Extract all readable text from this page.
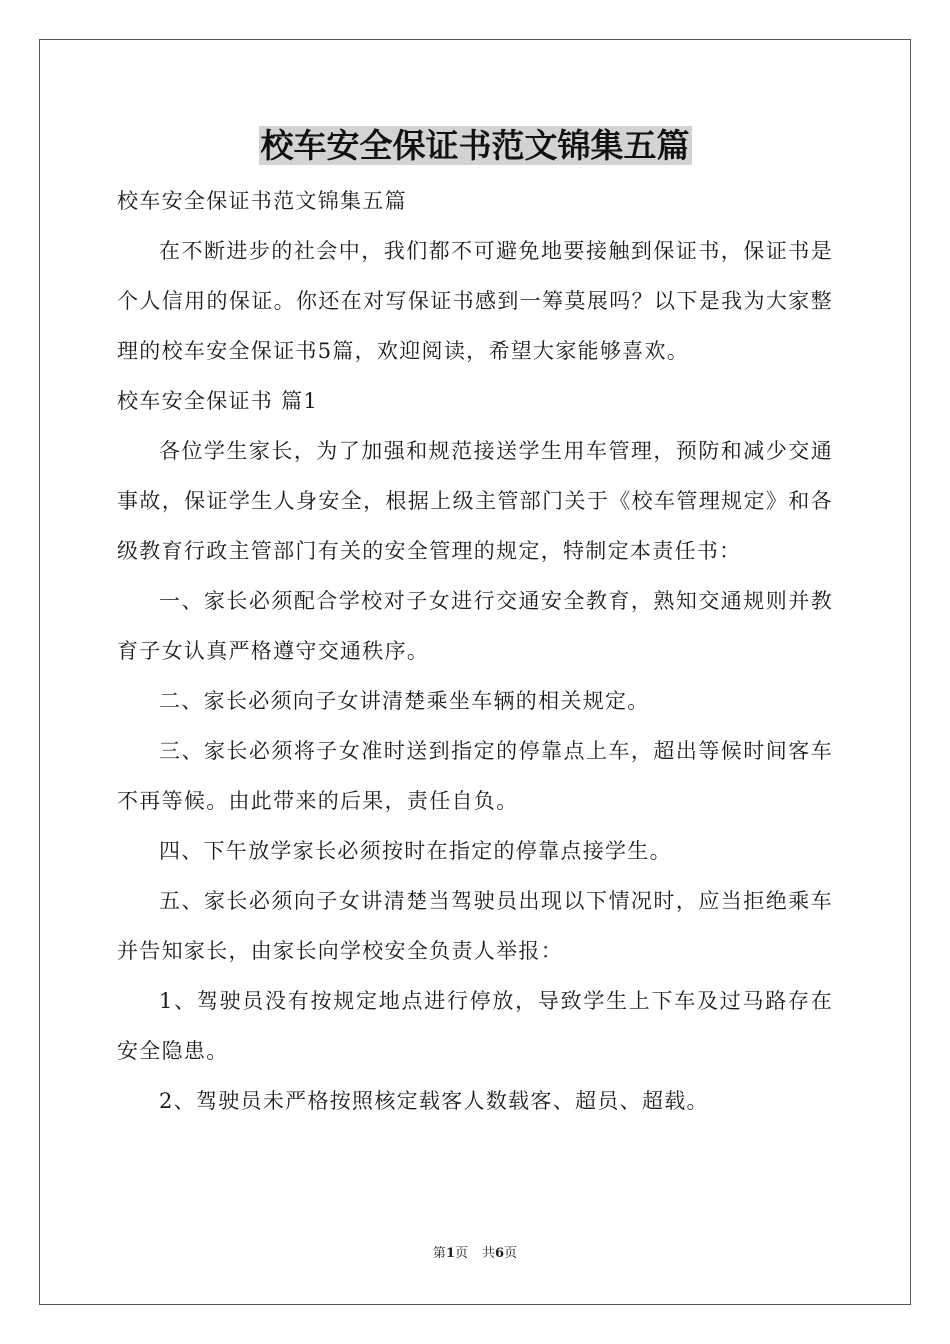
校车安全保证书范文锦集五篇

校车安全保证书范文锦集五篇

在不断进步的社会中，我们都不可避免地要接触到保证书，保证书是个人信用的保证。你还在对写保证书感到一筹莫展吗？以下是我为大家整理的校车安全保证书5篇，欢迎阅读，希望大家能够喜欢。

校车安全保证书 篇1

各位学生家长，为了加强和规范接送学生用车管理，预防和减少交通事故，保证学生人身安全，根据上级主管部门关于《校车管理规定》和各级教育行政主管部门有关的安全管理的规定，特制定本责任书：

一、家长必须配合学校对子女进行交通安全教育，熟知交通规则并教育子女认真严格遵守交通秩序。

二、家长必须向子女讲清楚乘坐车辆的相关规定。

三、家长必须将子女准时送到指定的停靠点上车，超出等候时间客车不再等候。由此带来的后果，责任自负。

四、下午放学家长必须按时在指定的停靠点接学生。

五、家长必须向子女讲清楚当驾驶员出现以下情况时，应当拒绝乘车并告知家长，由家长向学校安全负责人举报：

1、驾驶员没有按规定地点进行停放，导致学生上下车及过马路存在安全隐患。

2、驾驶员未严格按照核定载客人数载客、超员、超载。

第1页 共6页
